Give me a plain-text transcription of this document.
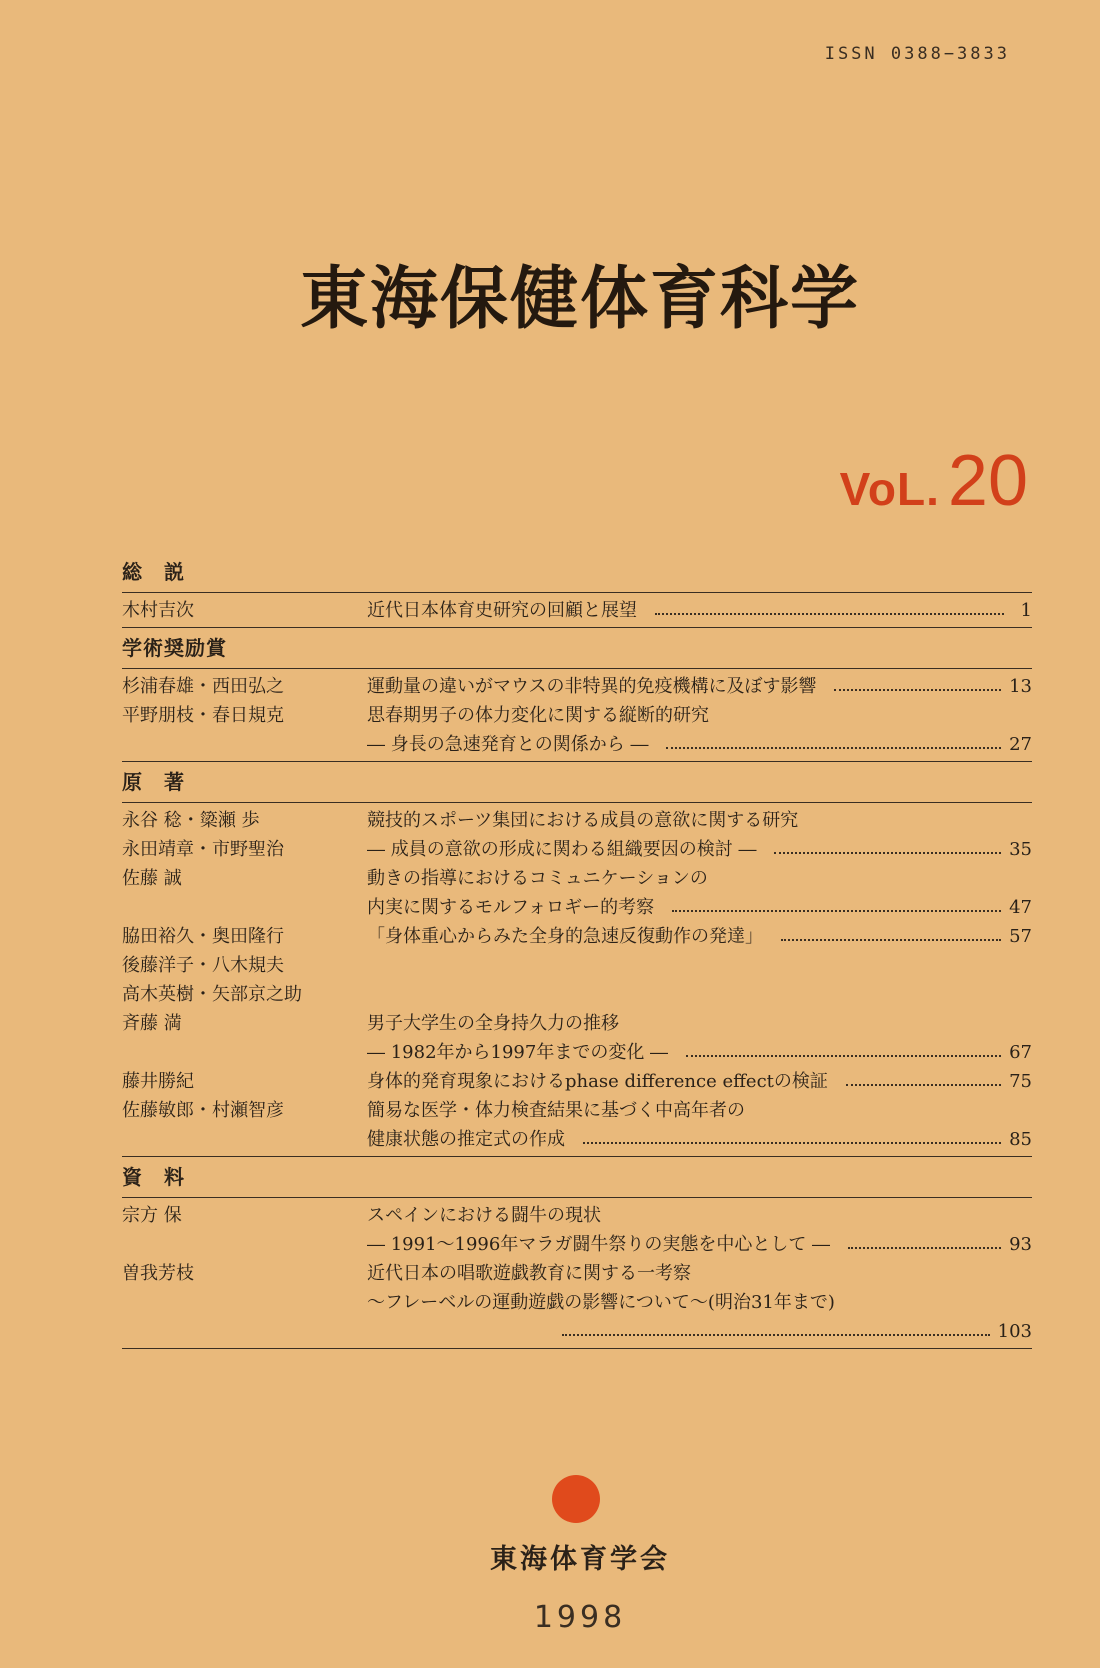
ISSN 0388−3833
東海保健体育科学
VoL. 20
総説
木村吉次	近代日本体育史研究の回顧と展望	1
学術奨励賞
杉浦春雄・西田弘之	運動量の違いがマウスの非特異的免疫機構に及ぼす影響	13
平野朋枝・春日規克	思春期男子の体力変化に関する縦断的研究
― 身長の急速発育との関係から ―	27
原著
永谷 稔・簗瀬 歩	競技的スポーツ集団における成員の意欲に関する研究
永田靖章・市野聖治	― 成員の意欲の形成に関わる組織要因の検討 ―	35
佐藤 誠	動きの指導におけるコミュニケーションの
内実に関するモルフォロギー的考察	47
脇田裕久・奥田隆行	「身体重心からみた全身的急速反復動作の発達」	57
後藤洋子・八木規夫
高木英樹・矢部京之助
斉藤 満	男子大学生の全身持久力の推移
― 1982年から1997年までの変化 ―	67
藤井勝紀	身体的発育現象におけるphase difference effectの検証	75
佐藤敏郎・村瀬智彦	簡易な医学・体力検査結果に基づく中高年者の
健康状態の推定式の作成	85
資料
宗方 保	スペインにおける闘牛の現状
― 1991～1996年マラガ闘牛祭りの実態を中心として ―	93
曽我芳枝	近代日本の唱歌遊戯教育に関する一考察
～フレーベルの運動遊戯の影響について～(明治31年まで)
103
東海体育学会
1998
